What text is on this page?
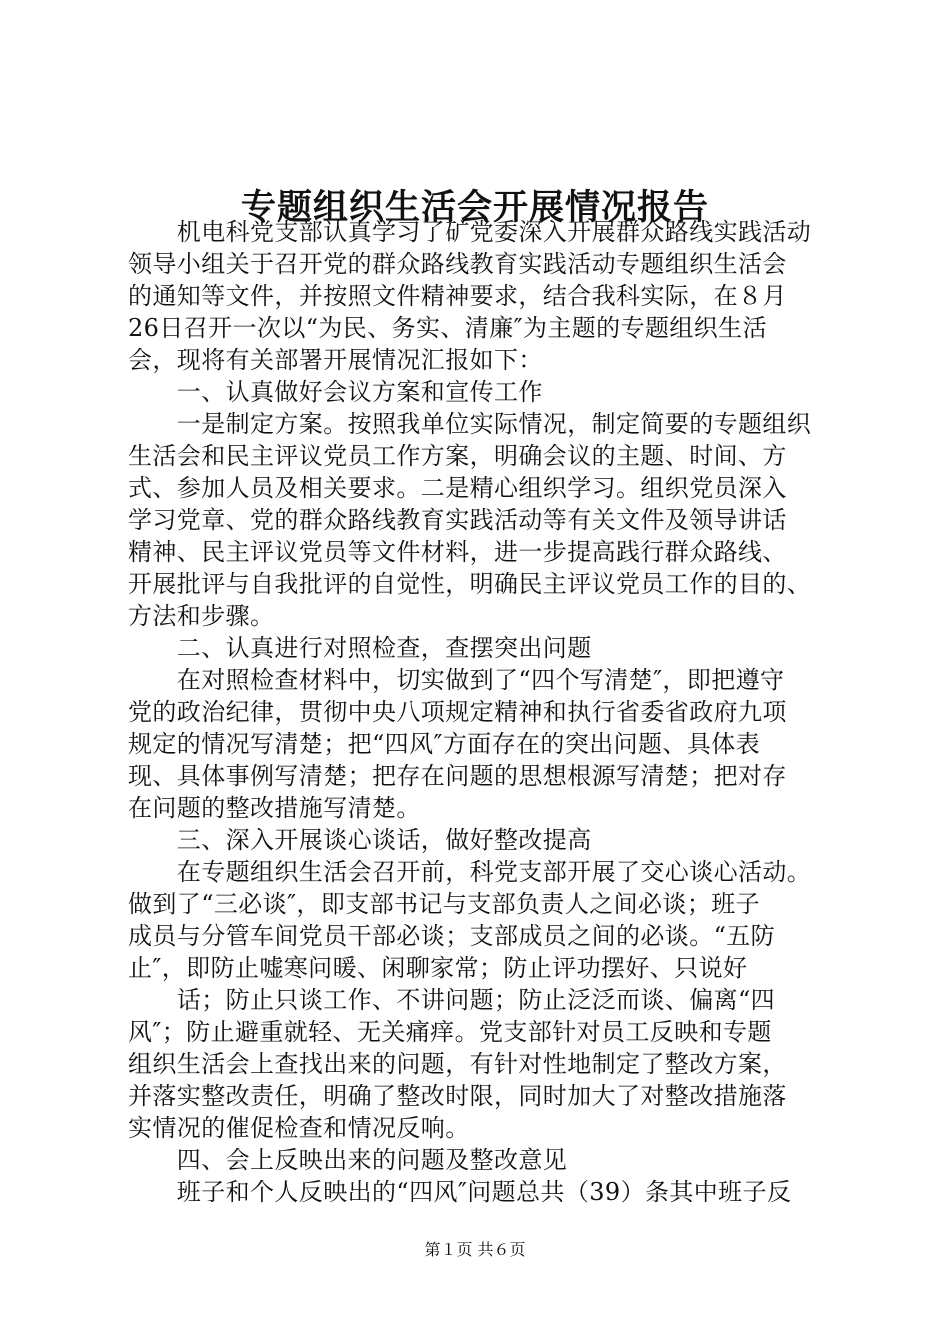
专题组织生活会开展情况报告
　　机电科党支部认真学习了矿党委深入开展群众路线实践活动
领导小组关于召开党的群众路线教育实践活动专题组织生活会
的通知等文件，并按照文件精神要求，结合我科实际，在８月
26日召开一次以“为民、务实、清廉″为主题的专题组织生活
会，现将有关部署开展情况汇报如下：
　　一、认真做好会议方案和宣传工作
　　一是制定方案。按照我单位实际情况，制定简要的专题组织
生活会和民主评议党员工作方案，明确会议的主题、时间、方
式、参加人员及相关要求。二是精心组织学习。组织党员深入
学习党章、党的群众路线教育实践活动等有关文件及领导讲话
精神、民主评议党员等文件材料，进一步提高践行群众路线、
开展批评与自我批评的自觉性，明确民主评议党员工作的目的、
方法和步骤。
　　二、认真进行对照检查，查摆突出问题
　　在对照检查材料中，切实做到了“四个写清楚″，即把遵守
党的政治纪律，贯彻中央八项规定精神和执行省委省政府九项
规定的情况写清楚；把“四风″方面存在的突出问题、具体表
现、具体事例写清楚；把存在问题的思想根源写清楚；把对存
在问题的整改措施写清楚。
　　三、深入开展谈心谈话，做好整改提高
　　在专题组织生活会召开前，科党支部开展了交心谈心活动。
做到了“三必谈″，即支部书记与支部负责人之间必谈；班子
成员与分管车间党员干部必谈；支部成员之间的必谈。“五防
止″，即防止嘘寒问暖、闲聊家常；防止评功摆好、只说好
　　话；防止只谈工作、不讲问题；防止泛泛而谈、偏离“四
风″；防止避重就轻、无关痛痒。党支部针对员工反映和专题
组织生活会上查找出来的问题，有针对性地制定了整改方案，
并落实整改责任，明确了整改时限，同时加大了对整改措施落
实情况的催促检查和情况反响。
　　四、会上反映出来的问题及整改意见
　　班子和个人反映出的“四风″问题总共（39）条其中班子反
第１页 共６页
